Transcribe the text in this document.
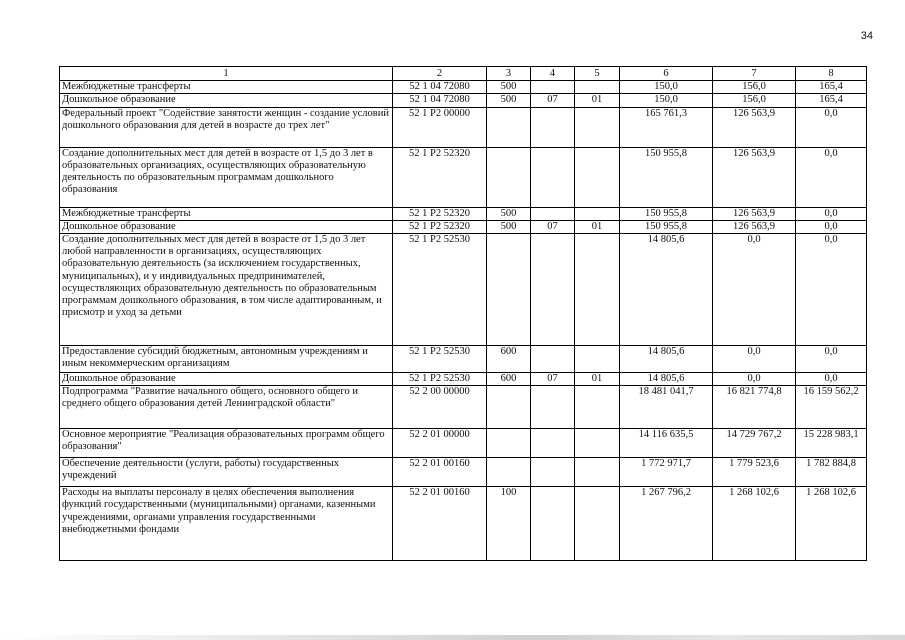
34
1	2	3	4	5	6	7	8
Межбюджетные трансферты	52 1 04 72080	500			150,0	156,0	165,4
Дошкольное образование	52 1 04 72080	500	07	01	150,0	156,0	165,4
Федеральный проект "Содействие занятости женщин - создание условий дошкольного образования для детей в возрасте до трех лет"	52 1 P2 00000				165 761,3	126 563,9	0,0
Создание дополнительных мест для детей в возрасте от 1,5 до 3 лет в образовательных организациях, осуществляющих образовательную деятельность по образовательным программам дошкольного образования	52 1 P2 52320				150 955,8	126 563,9	0,0
Межбюджетные трансферты	52 1 P2 52320	500			150 955,8	126 563,9	0,0
Дошкольное образование	52 1 P2 52320	500	07	01	150 955,8	126 563,9	0,0
Создание дополнительных мест для детей в возрасте от 1,5 до 3 лет любой направленности в организациях, осуществляющих образовательную деятельность (за исключением государственных, муниципальных), и у индивидуальных предпринимателей, осуществляющих образовательную деятельность по образовательным программам дошкольного образования, в том числе адаптированным, и присмотр и уход за детьми	52 1 P2 52530				14 805,6	0,0	0,0
Предоставление субсидий бюджетным, автономным учреждениям и иным некоммерческим организациям	52 1 P2 52530	600			14 805,6	0,0	0,0
Дошкольное образование	52 1 P2 52530	600	07	01	14 805,6	0,0	0,0
Подпрограмма "Развитие начального общего, основного общего и среднего общего образования детей Ленинградской области"	52 2 00 00000				18 481 041,7	16 821 774,8	16 159 562,2
Основное мероприятие "Реализация образовательных программ общего образования"	52 2 01 00000				14 116 635,5	14 729 767,2	15 228 983,1
Обеспечение деятельности (услуги, работы) государственных учреждений	52 2 01 00160				1 772 971,7	1 779 523,6	1 782 884,8
Расходы на выплаты персоналу в целях обеспечения выполнения функций государственными (муниципальными) органами, казенными учреждениями, органами управления государственными внебюджетными фондами	52 2 01 00160	100			1 267 796,2	1 268 102,6	1 268 102,6
